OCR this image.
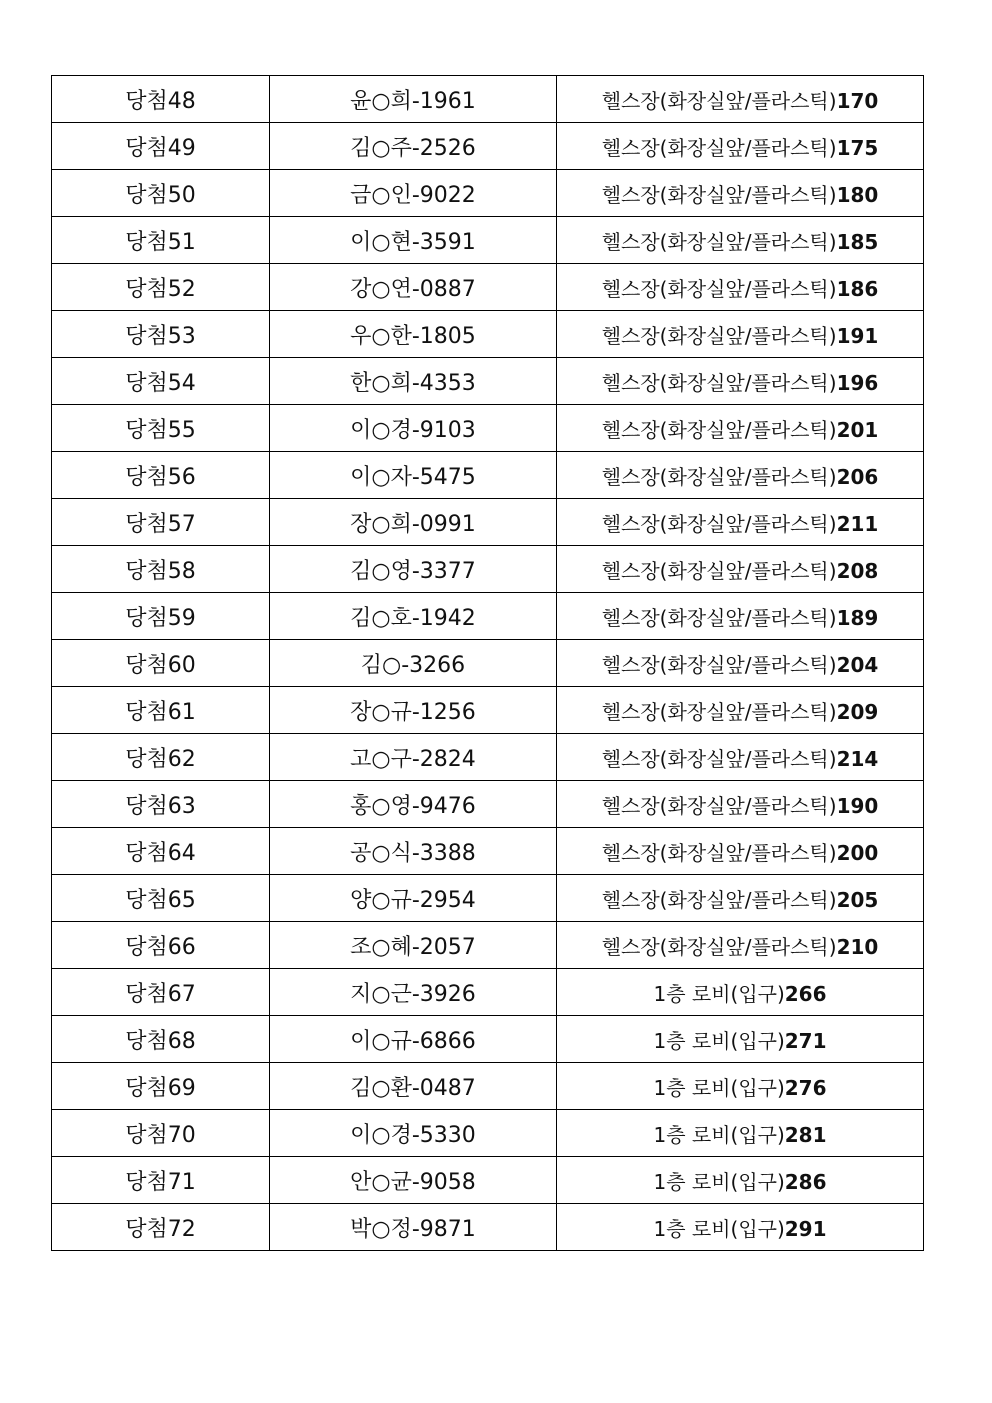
당첨48	윤○희-1961	헬스장(화장실앞/플라스틱)170
당첨49	김○주-2526	헬스장(화장실앞/플라스틱)175
당첨50	금○인-9022	헬스장(화장실앞/플라스틱)180
당첨51	이○현-3591	헬스장(화장실앞/플라스틱)185
당첨52	강○연-0887	헬스장(화장실앞/플라스틱)186
당첨53	우○한-1805	헬스장(화장실앞/플라스틱)191
당첨54	한○희-4353	헬스장(화장실앞/플라스틱)196
당첨55	이○경-9103	헬스장(화장실앞/플라스틱)201
당첨56	이○자-5475	헬스장(화장실앞/플라스틱)206
당첨57	장○희-0991	헬스장(화장실앞/플라스틱)211
당첨58	김○영-3377	헬스장(화장실앞/플라스틱)208
당첨59	김○호-1942	헬스장(화장실앞/플라스틱)189
당첨60	김○-3266	헬스장(화장실앞/플라스틱)204
당첨61	장○규-1256	헬스장(화장실앞/플라스틱)209
당첨62	고○구-2824	헬스장(화장실앞/플라스틱)214
당첨63	홍○영-9476	헬스장(화장실앞/플라스틱)190
당첨64	공○식-3388	헬스장(화장실앞/플라스틱)200
당첨65	양○규-2954	헬스장(화장실앞/플라스틱)205
당첨66	조○혜-2057	헬스장(화장실앞/플라스틱)210
당첨67	지○근-3926	1층 로비(입구)266
당첨68	이○규-6866	1층 로비(입구)271
당첨69	김○환-0487	1층 로비(입구)276
당첨70	이○경-5330	1층 로비(입구)281
당첨71	안○균-9058	1층 로비(입구)286
당첨72	박○정-9871	1층 로비(입구)291
